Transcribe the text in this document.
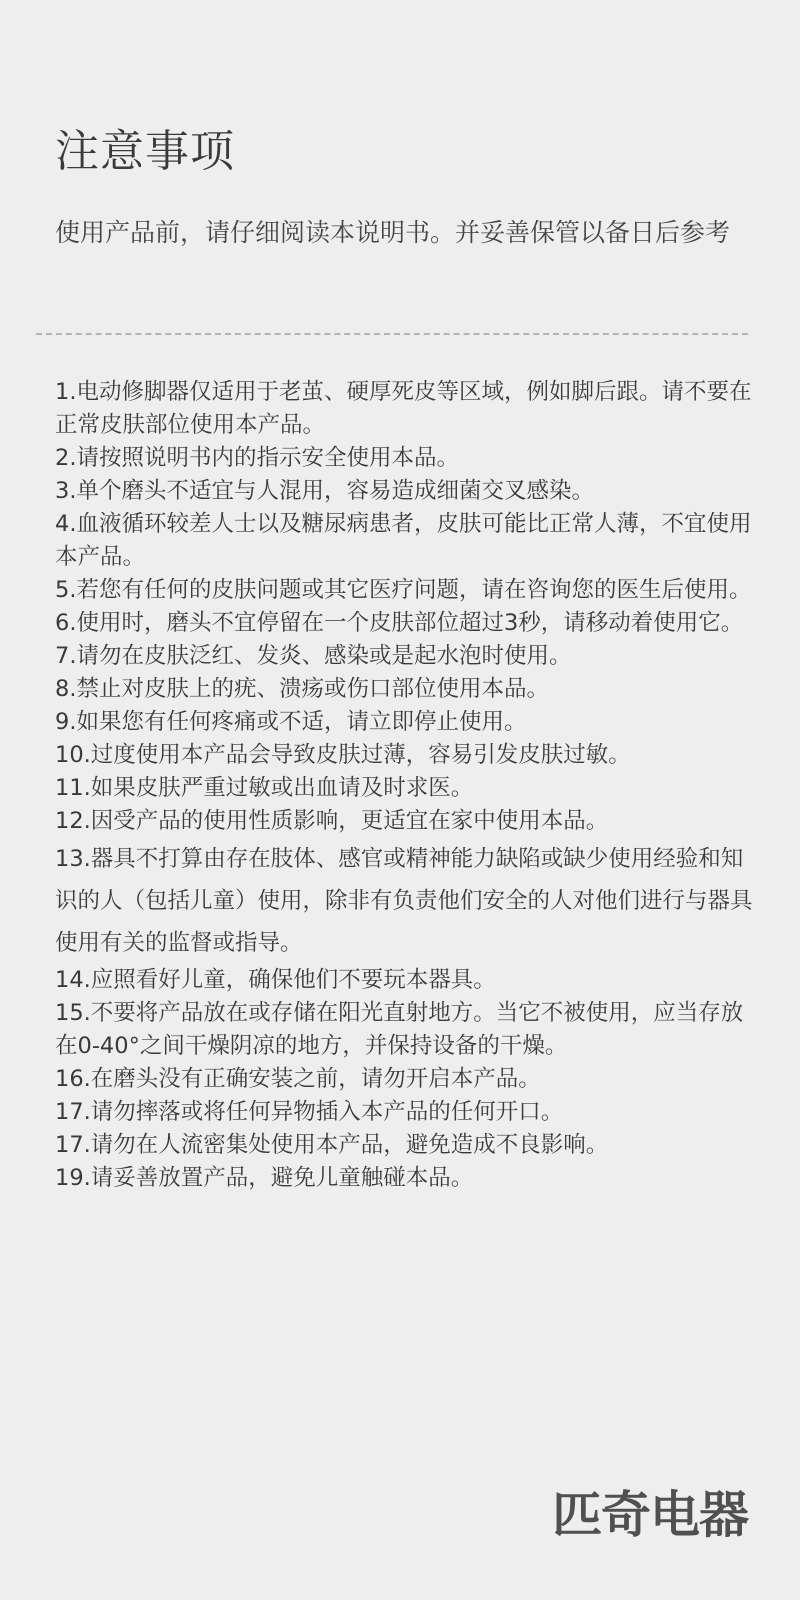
注意事项

使用产品前，请仔细阅读本说明书。并妥善保管以备日后参考

1.电动修脚器仅适用于老茧、硬厚死皮等区域，例如脚后跟。请不要在正常皮肤部位使用本产品。
2.请按照说明书内的指示安全使用本品。
3.单个磨头不适宜与人混用，容易造成细菌交叉感染。
4.血液循环较差人士以及糖尿病患者，皮肤可能比正常人薄，不宜使用本产品。
5.若您有任何的皮肤问题或其它医疗问题，请在咨询您的医生后使用。
6.使用时，磨头不宜停留在一个皮肤部位超过3秒，请移动着使用它。
7.请勿在皮肤泛红、发炎、感染或是起水泡时使用。
8.禁止对皮肤上的疣、溃疡或伤口部位使用本品。
9.如果您有任何疼痛或不适，请立即停止使用。
10.过度使用本产品会导致皮肤过薄，容易引发皮肤过敏。
11.如果皮肤严重过敏或出血请及时求医。
12.因受产品的使用性质影响，更适宜在家中使用本品。
13.器具不打算由存在肢体、感官或精神能力缺陷或缺少使用经验和知识的人（包括儿童）使用，除非有负责他们安全的人对他们进行与器具使用有关的监督或指导。
14.应照看好儿童，确保他们不要玩本器具。
15.不要将产品放在或存储在阳光直射地方。当它不被使用，应当存放在0-40°之间干燥阴凉的地方，并保持设备的干燥。
16.在磨头没有正确安装之前，请勿开启本产品。
17.请勿摔落或将任何异物插入本产品的任何开口。
17.请勿在人流密集处使用本产品，避免造成不良影响。
19.请妥善放置产品，避免儿童触碰本品。
匹奇电器
